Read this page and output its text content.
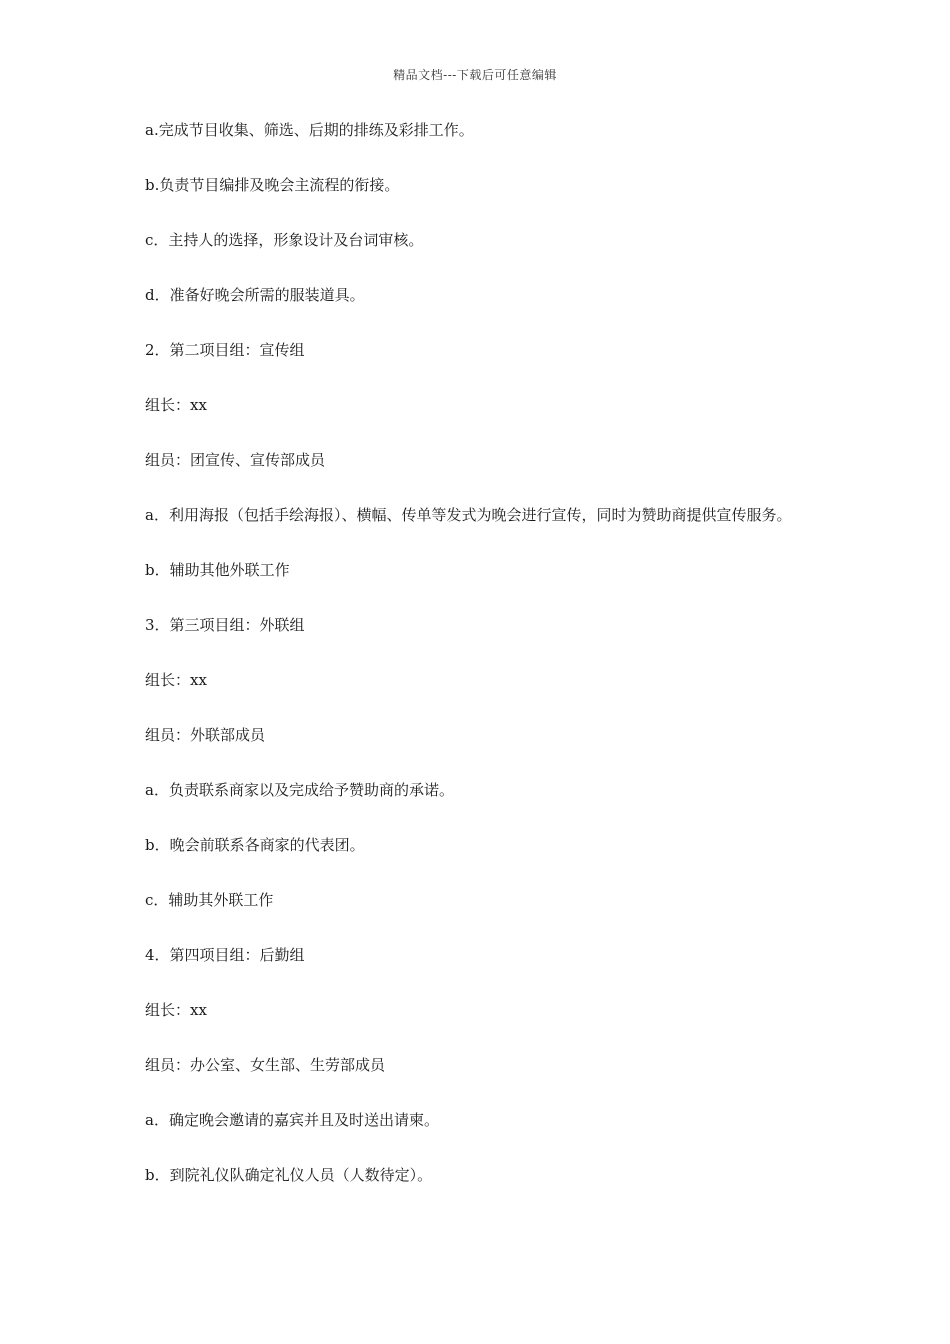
精品文档---下载后可任意编辑

a.完成节目收集、筛选、后期的排练及彩排工作。

b.负责节目编排及晚会主流程的衔接。

c．主持人的选择，形象设计及台词审核。

d．准备好晚会所需的服装道具。

2．第二项目组：宣传组

组长：xx

组员：团宣传、宣传部成员

a．利用海报（包括手绘海报）、横幅、传单等发式为晚会进行宣传，同时为赞助商提供宣传服务。

b．辅助其他外联工作

3．第三项目组：外联组

组长：xx

组员：外联部成员

a．负责联系商家以及完成给予赞助商的承诺。

b．晚会前联系各商家的代表团。

c．辅助其外联工作

4．第四项目组：后勤组

组长：xx

组员：办公室、女生部、生劳部成员

a．确定晚会邀请的嘉宾并且及时送出请柬。

b．到院礼仪队确定礼仪人员（人数待定）。
